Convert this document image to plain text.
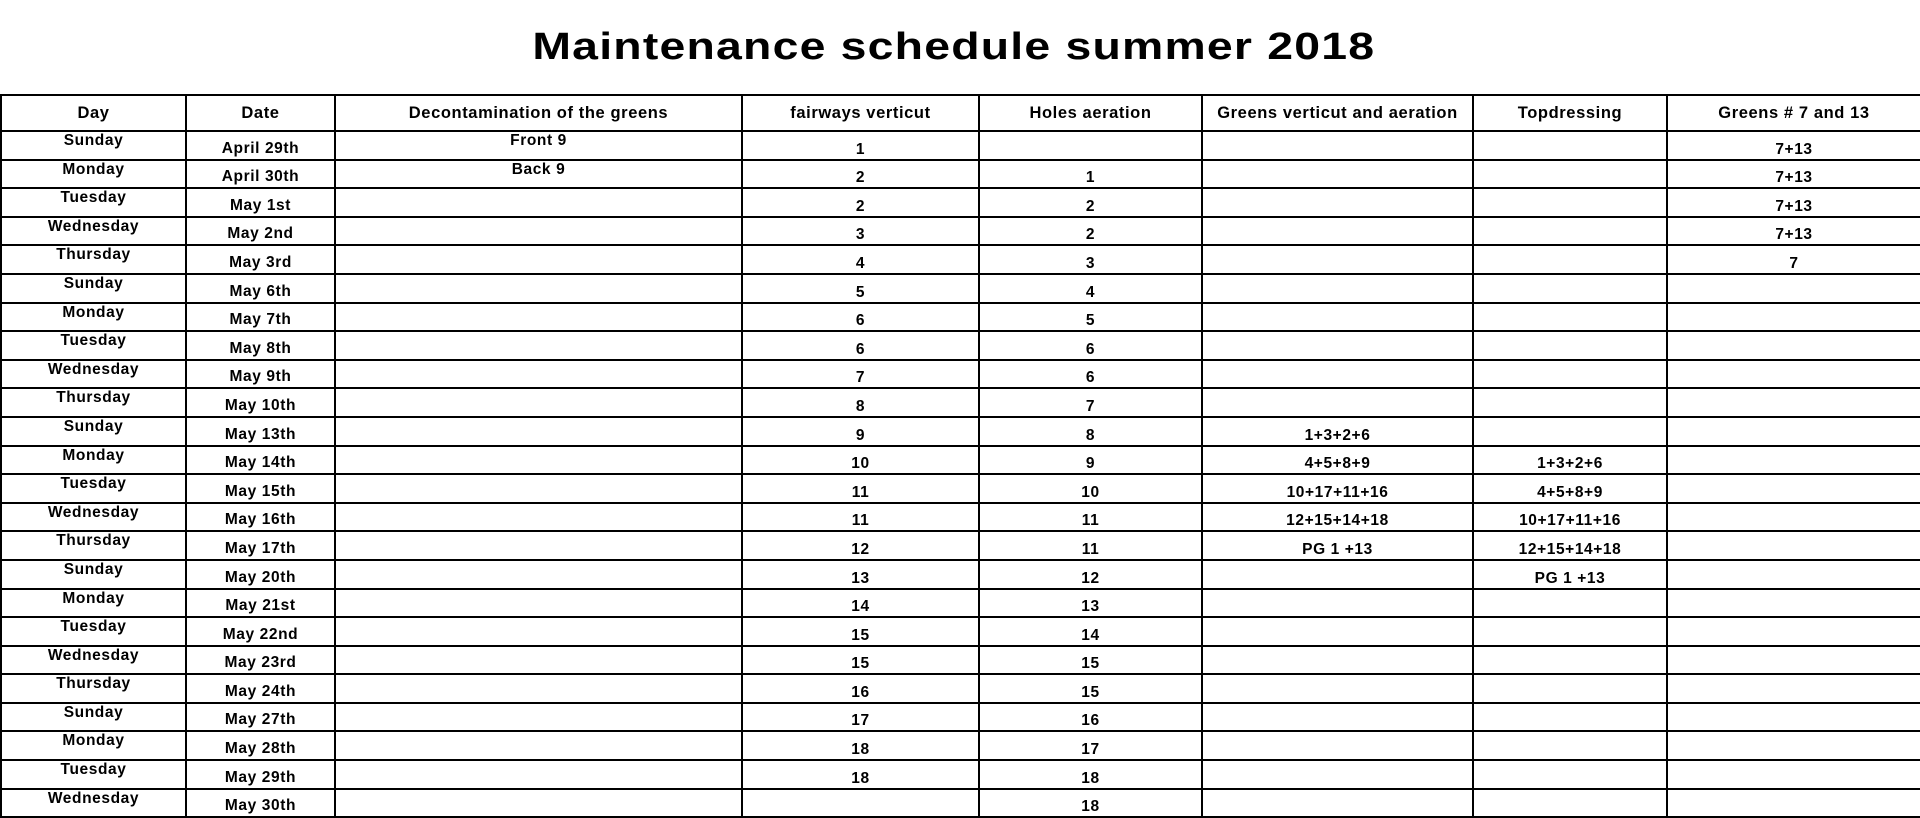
Maintenance schedule summer 2018
Day	Date	Decontamination of the greens	fairways verticut	Holes aeration	Greens verticut and aeration	Topdressing	Greens # 7 and 13
Sunday	April 29th	Front 9	1				7+13
Monday	April 30th	Back 9	2	1			7+13
Tuesday	May 1st		2	2			7+13
Wednesday	May 2nd		3	2			7+13
Thursday	May 3rd		4	3			7
Sunday	May 6th		5	4			
Monday	May 7th		6	5			
Tuesday	May 8th		6	6			
Wednesday	May 9th		7	6			
Thursday	May 10th		8	7			
Sunday	May 13th		9	8	1+3+2+6		
Monday	May 14th		10	9	4+5+8+9	1+3+2+6	
Tuesday	May 15th		11	10	10+17+11+16	4+5+8+9	
Wednesday	May 16th		11	11	12+15+14+18	10+17+11+16	
Thursday	May 17th		12	11	PG 1 +13	12+15+14+18	
Sunday	May 20th		13	12		PG 1 +13	
Monday	May 21st		14	13			
Tuesday	May 22nd		15	14			
Wednesday	May 23rd		15	15			
Thursday	May 24th		16	15			
Sunday	May 27th		17	16			
Monday	May 28th		18	17			
Tuesday	May 29th		18	18			
Wednesday	May 30th			18			
